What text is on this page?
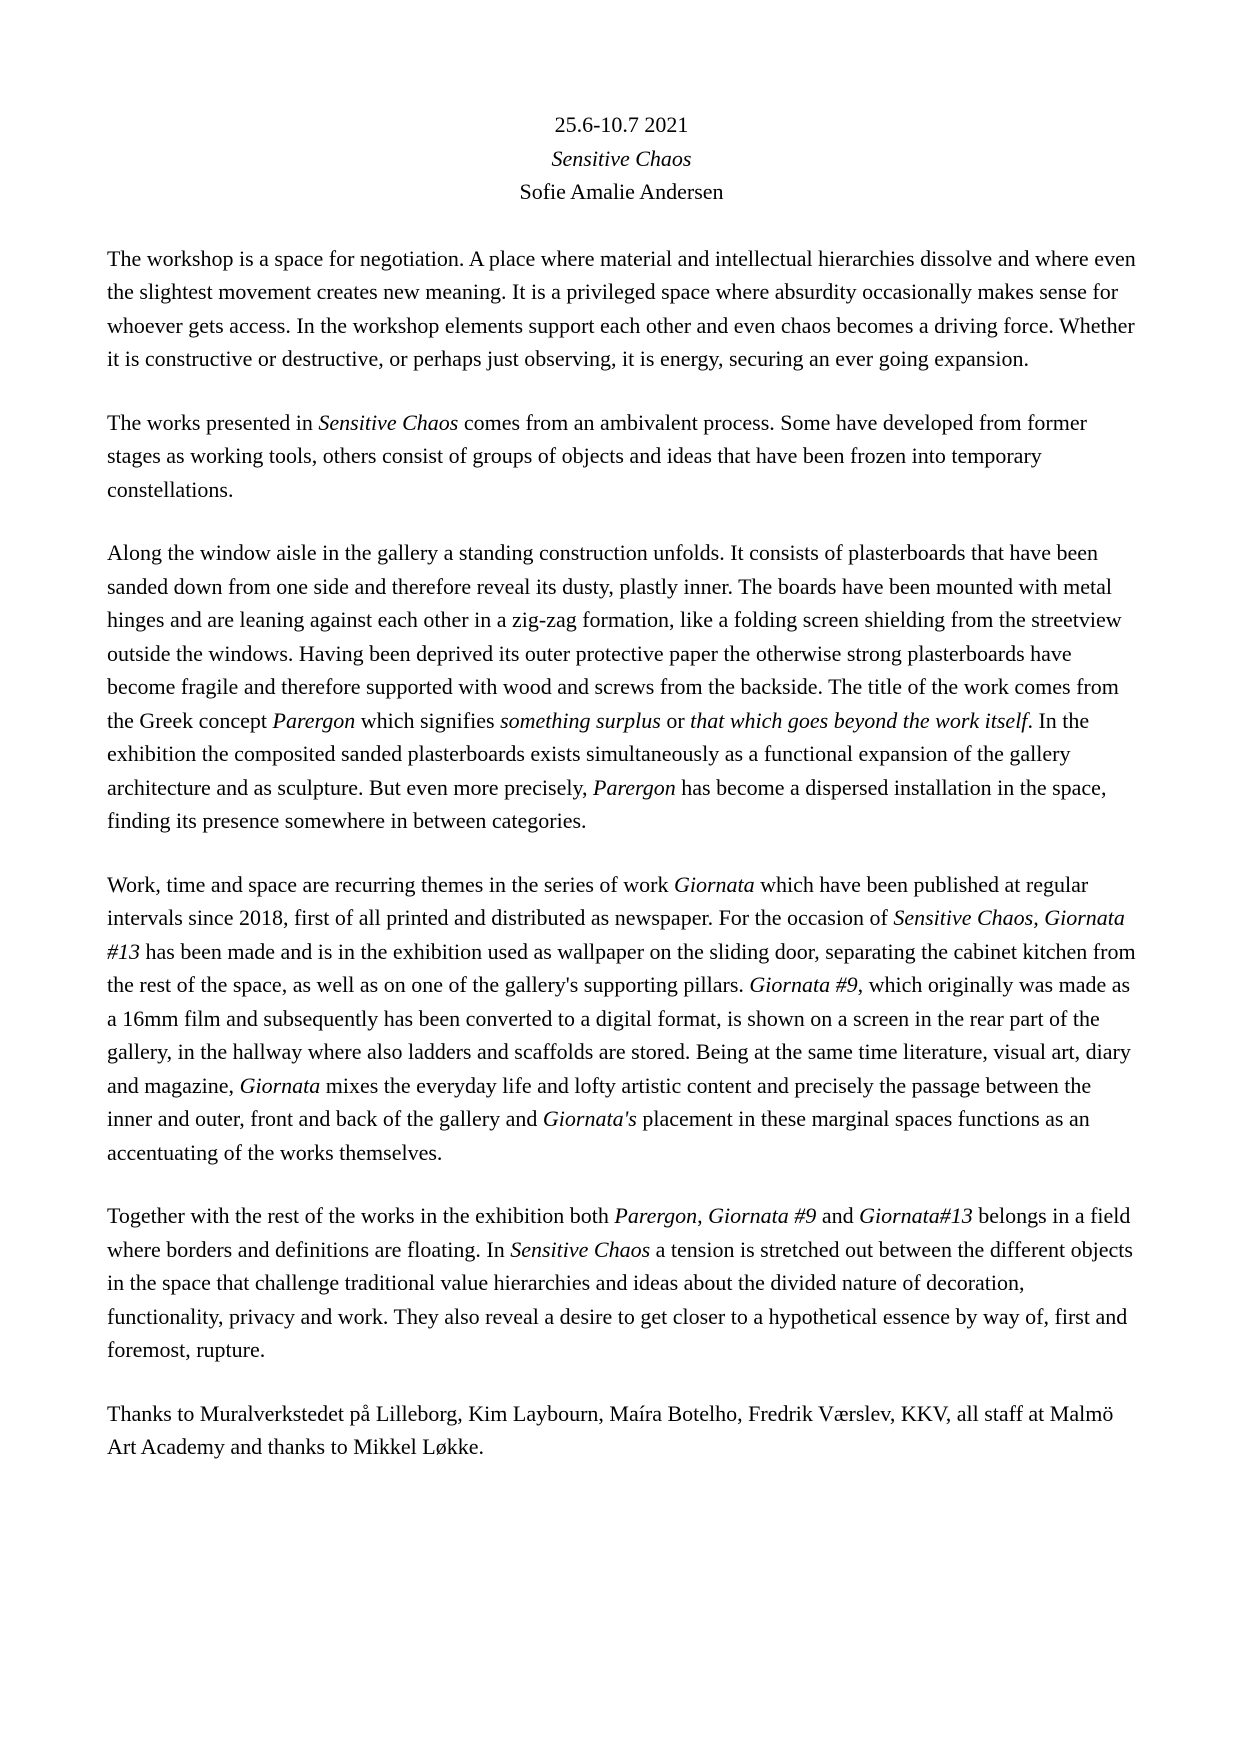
25.6-10.7 2021
Sensitive Chaos
Sofie Amalie Andersen

The workshop is a space for negotiation. A place where material and intellectual hierarchies dissolve and where even the slightest movement creates new meaning. It is a privileged space where absurdity occasionally makes sense for whoever gets access. In the workshop elements support each other and even chaos becomes a driving force. Whether it is constructive or destructive, or perhaps just observing, it is energy, securing an ever going expansion.

The works presented in Sensitive Chaos comes from an ambivalent process. Some have developed from former stages as working tools, others consist of groups of objects and ideas that have been frozen into temporary constellations.

Along the window aisle in the gallery a standing construction unfolds. It consists of plasterboards that have been sanded down from one side and therefore reveal its dusty, plastly inner. The boards have been mounted with metal hinges and are leaning against each other in a zig-zag formation, like a folding screen shielding from the streetview outside the windows. Having been deprived its outer protective paper the otherwise strong plasterboards have become fragile and therefore supported with wood and screws from the backside. The title of the work comes from the Greek concept Parergon which signifies something surplus or that which goes beyond the work itself. In the exhibition the composited sanded plasterboards exists simultaneously as a functional expansion of the gallery architecture and as sculpture. But even more precisely, Parergon has become a dispersed installation in the space, finding its presence somewhere in between categories.

Work, time and space are recurring themes in the series of work Giornata which have been published at regular intervals since 2018, first of all printed and distributed as newspaper. For the occasion of Sensitive Chaos, Giornata #13 has been made and is in the exhibition used as wallpaper on the sliding door, separating the cabinet kitchen from the rest of the space, as well as on one of the gallery's supporting pillars. Giornata #9, which originally was made as a 16mm film and subsequently has been converted to a digital format, is shown on a screen in the rear part of the gallery, in the hallway where also ladders and scaffolds are stored. Being at the same time literature, visual art, diary and magazine, Giornata mixes the everyday life and lofty artistic content and precisely the passage between the inner and outer, front and back of the gallery and Giornata's placement in these marginal spaces functions as an accentuating of the works themselves.

Together with the rest of the works in the exhibition both Parergon, Giornata #9 and Giornata#13 belongs in a field where borders and definitions are floating. In Sensitive Chaos a tension is stretched out between the different objects in the space that challenge traditional value hierarchies and ideas about the divided nature of decoration, functionality, privacy and work. They also reveal a desire to get closer to a hypothetical essence by way of, first and foremost, rupture.

Thanks to Muralverkstedet på Lilleborg, Kim Laybourn, Maíra Botelho, Fredrik Værslev, KKV, all staff at Malmö Art Academy and thanks to Mikkel Løkke.
